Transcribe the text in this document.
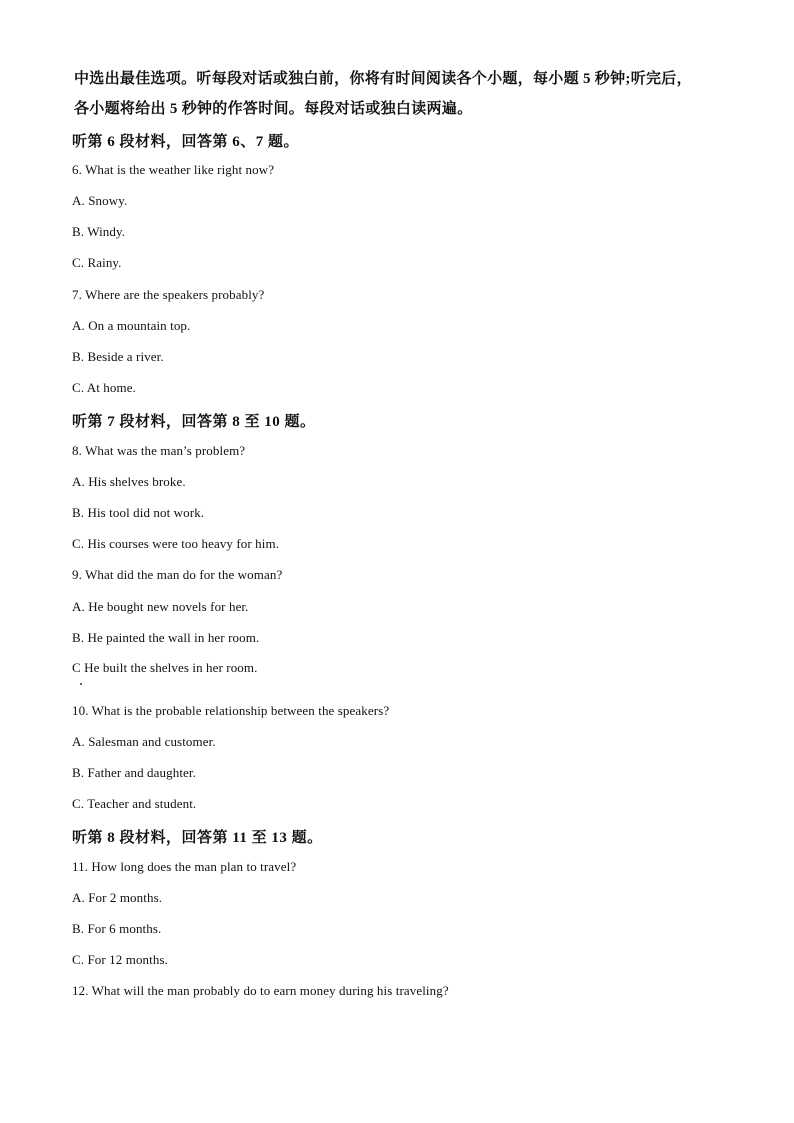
中选出最佳选项。听每段对话或独白前，你将有时间阅读各个小题，每小题 5 秒钟;听完后，
各小题将给出 5 秒钟的作答时间。每段对话或独白读两遍。
听第 6 段材料，回答第 6、7 题。
6. What is the weather like right now?
A. Snowy.
B. Windy.
C. Rainy.
7. Where are the speakers probably?
A. On a mountain top.
B. Beside a river.
C. At home.
听第 7 段材料，回答第 8 至 10 题。
8. What was the man’s problem?
A. His shelves broke.
B. His tool did not work.
C. His courses were too heavy for him.
9. What did the man do for the woman?
A. He bought new novels for her.
B. He painted the wall in her room.
C He built the shelves in her room.
10. What is the probable relationship between the speakers?
A. Salesman and customer.
B. Father and daughter.
C. Teacher and student.
听第 8 段材料，回答第 11 至 13 题。
11. How long does the man plan to travel?
A. For 2 months.
B. For 6 months.
C. For 12 months.
12. What will the man probably do to earn money during his traveling?
